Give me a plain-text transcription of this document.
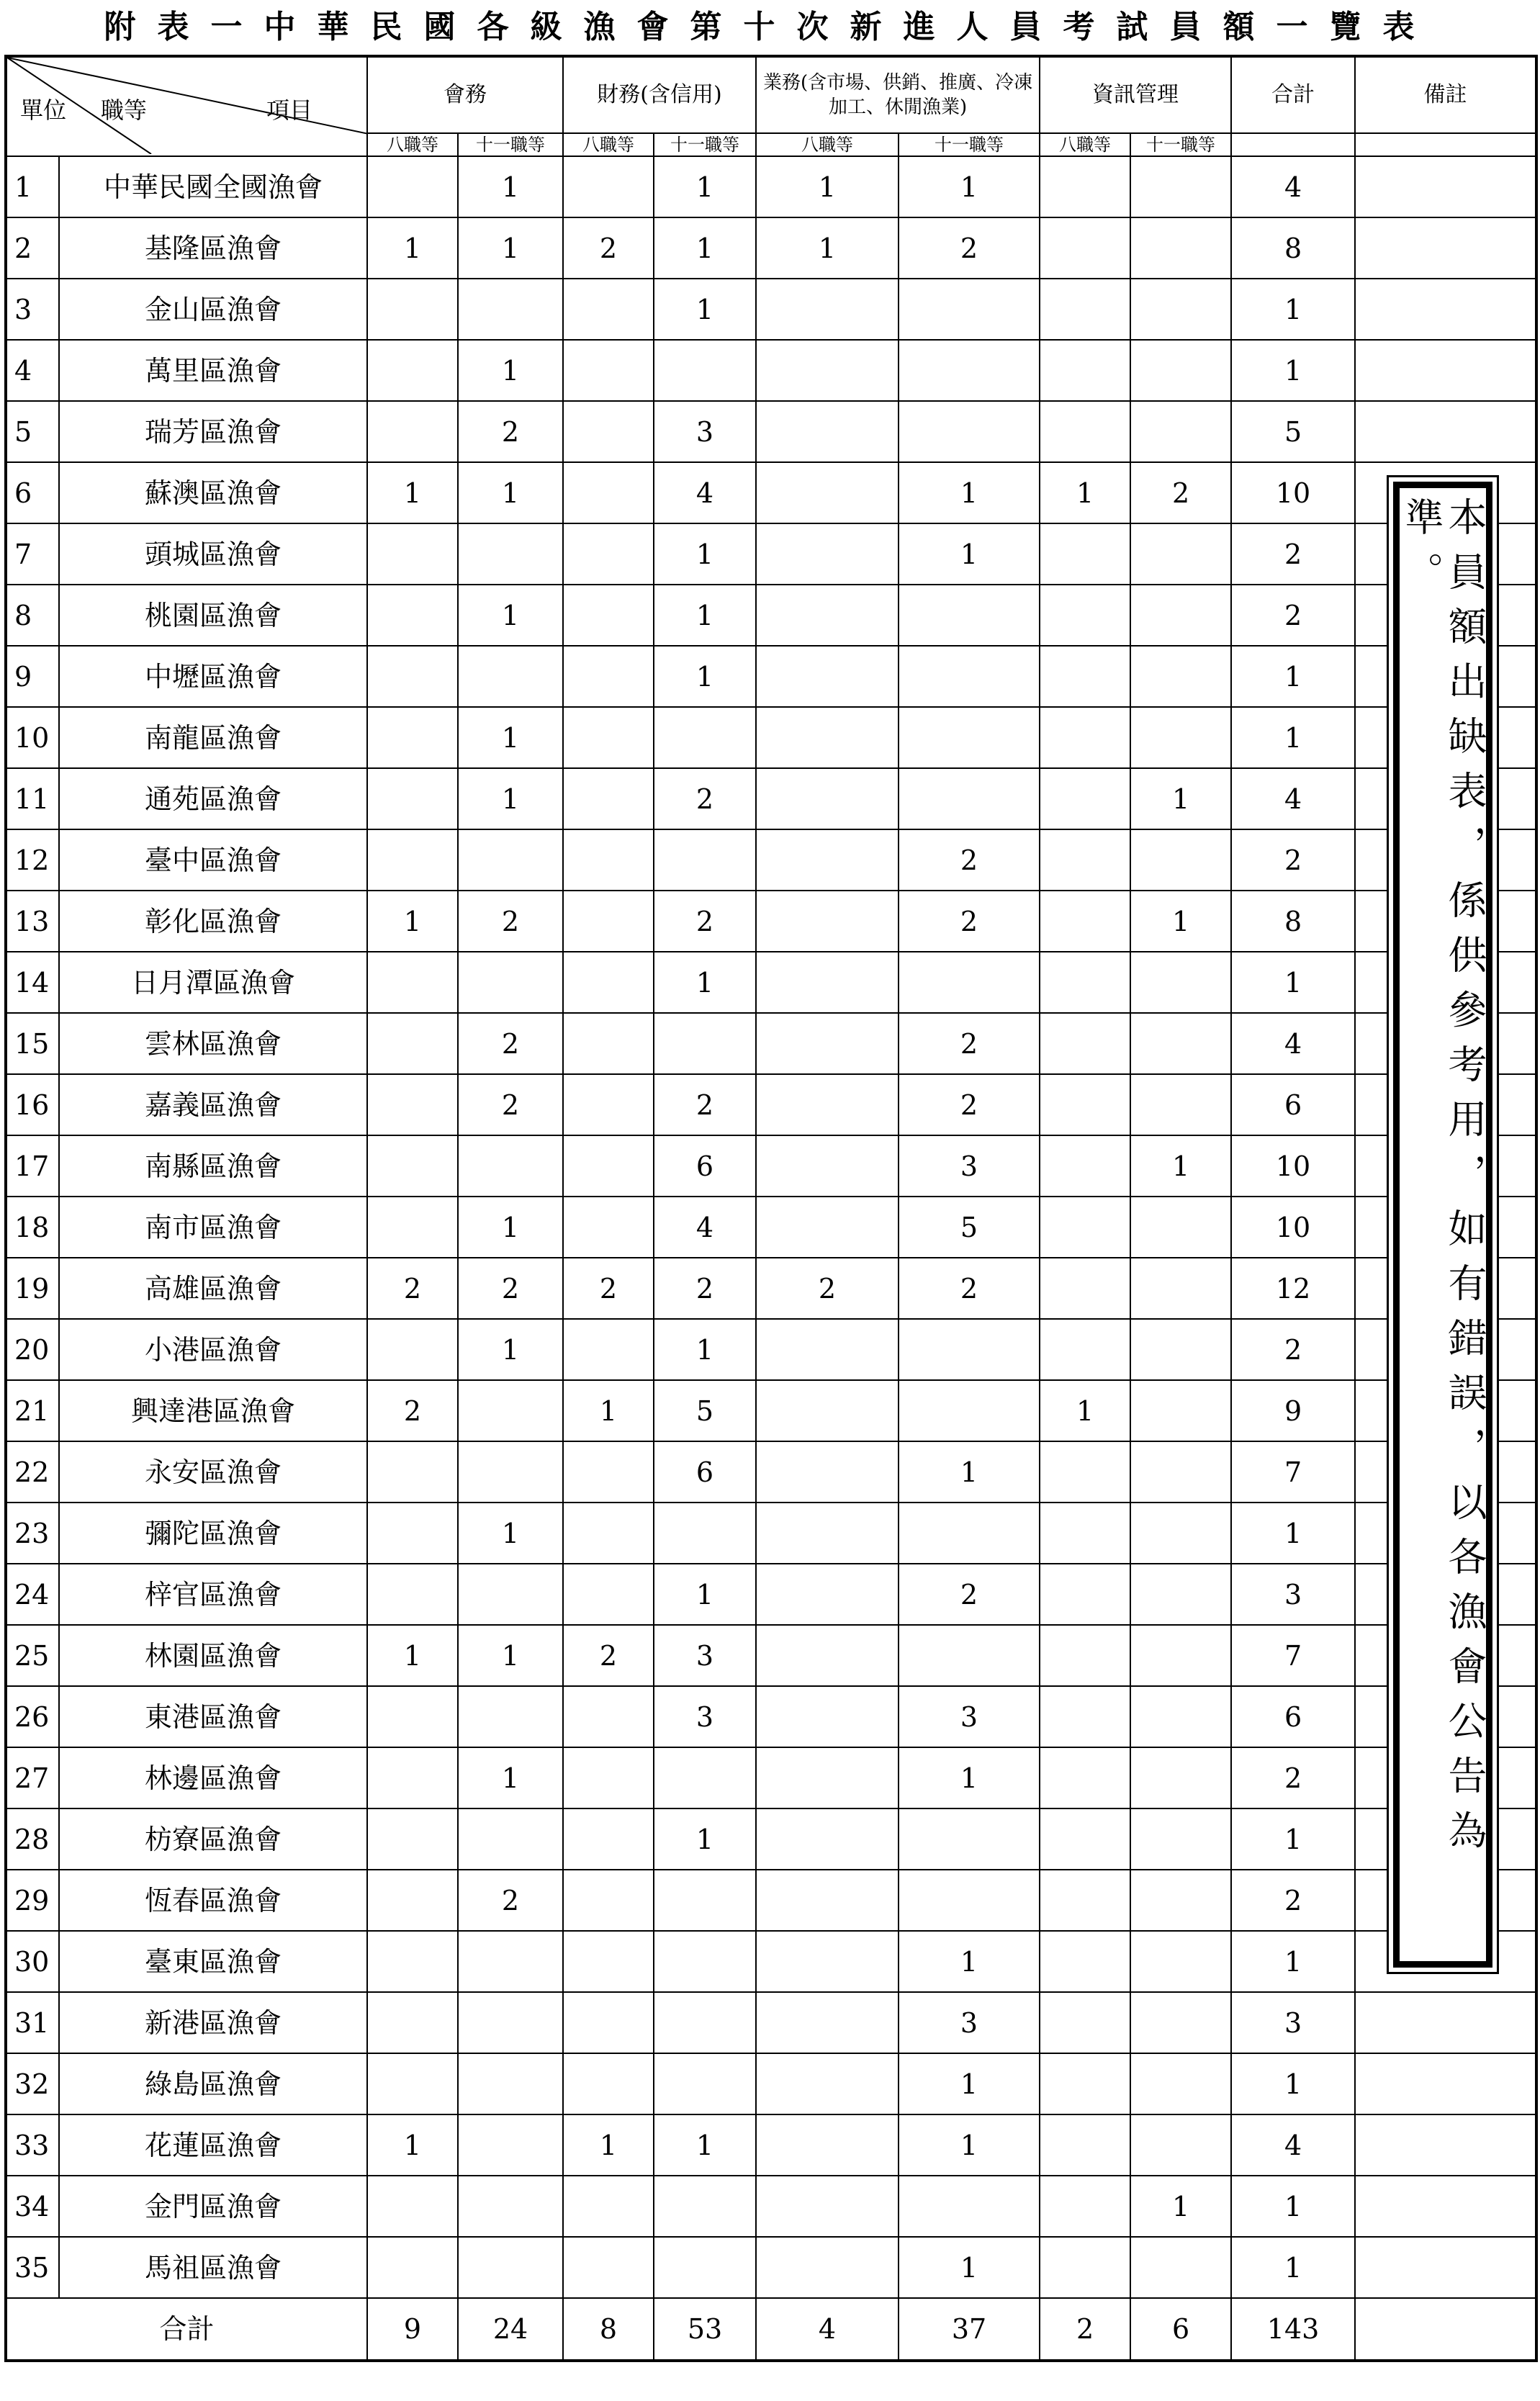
附表一中華民國各級漁會第十次新進人員考試員額一覽表
單位 職等 項目		會務		財務(含信用)		業務(含市場、供銷、推廣、冷凍加工、休閒漁業)		資訊管理		合計	備註
		八職等	十一職等	八職等	十一職等	八職等	十一職等	八職等	十一職等		
1	中華民國全國漁會		1		1	1	1			4	
2	基隆區漁會	1	1	2	1	1	2			8	
3	金山區漁會				1					1	
4	萬里區漁會		1							1	
5	瑞芳區漁會		2		3					5	
6	蘇澳區漁會	1	1		4		1	1	2	10	
7	頭城區漁會				1		1			2	
8	桃園區漁會		1		1					2	
9	中壢區漁會				1					1	
10	南龍區漁會		1							1	
11	通苑區漁會		1		2				1	4	
12	臺中區漁會						2			2	
13	彰化區漁會	1	2		2		2		1	8	
14	日月潭區漁會				1					1	
15	雲林區漁會		2				2			4	
16	嘉義區漁會		2		2		2			6	
17	南縣區漁會				6		3		1	10	
18	南市區漁會		1		4		5			10	
19	高雄區漁會	2	2	2	2	2	2			12	
20	小港區漁會		1		1					2	
21	興達港區漁會	2		1	5			1		9	
22	永安區漁會				6		1			7	
23	彌陀區漁會		1							1	
24	梓官區漁會				1		2			3	
25	林園區漁會	1	1	2	3					7	
26	東港區漁會				3		3			6	
27	林邊區漁會		1				1			2	
28	枋寮區漁會				1					1	
29	恆春區漁會		2							2	
30	臺東區漁會						1			1	
31	新港區漁會						3			3	
32	綠島區漁會						1			1	
33	花蓮區漁會	1		1	1		1			4	
34	金門區漁會								1	1	
35	馬祖區漁會						1			1	
合計		9	24	8	53	4	37	2	6	143	
本員額出缺表，係供參考用，如有錯誤，以各漁會公告為準。
